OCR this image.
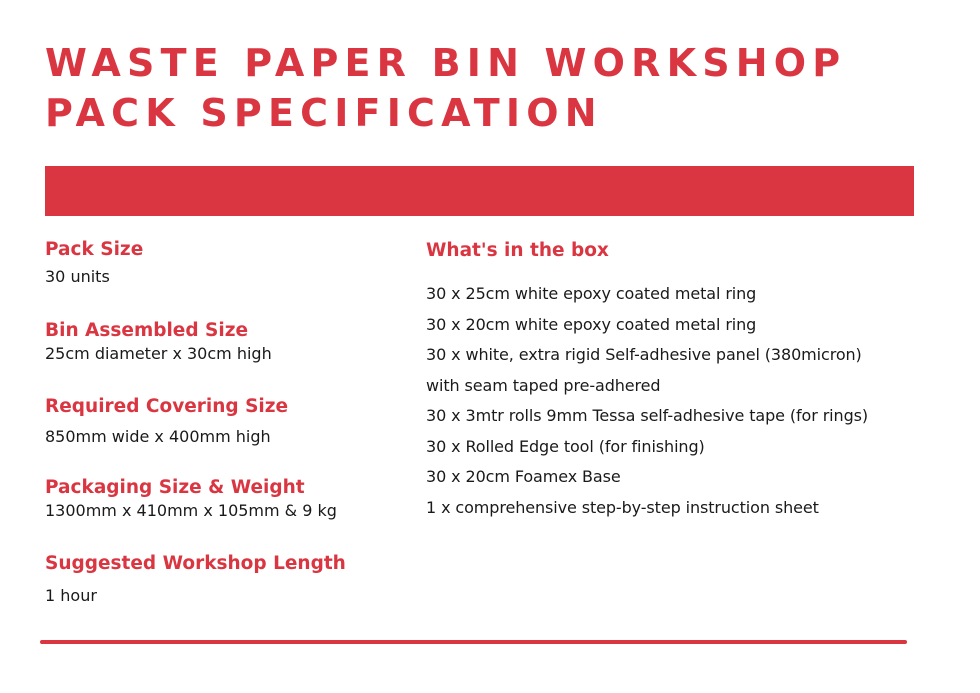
WASTE PAPER BIN WORKSHOP
PACK SPECIFICATION
Pack Size
30 units
Bin Assembled Size
25cm diameter x 30cm high
Required Covering Size
850mm wide x 400mm high
Packaging Size & Weight
1300mm x 410mm x 105mm & 9 kg
Suggested Workshop Length
1 hour
What's in the box
30 x 25cm white epoxy coated metal ring
30 x 20cm white epoxy coated metal ring
30 x white, extra rigid Self-adhesive panel (380micron)
with seam taped pre-adhered
30 x 3mtr rolls 9mm Tessa self-adhesive tape (for rings)
30 x Rolled Edge tool (for finishing)
30 x 20cm Foamex Base
1 x comprehensive step-by-step instruction sheet
